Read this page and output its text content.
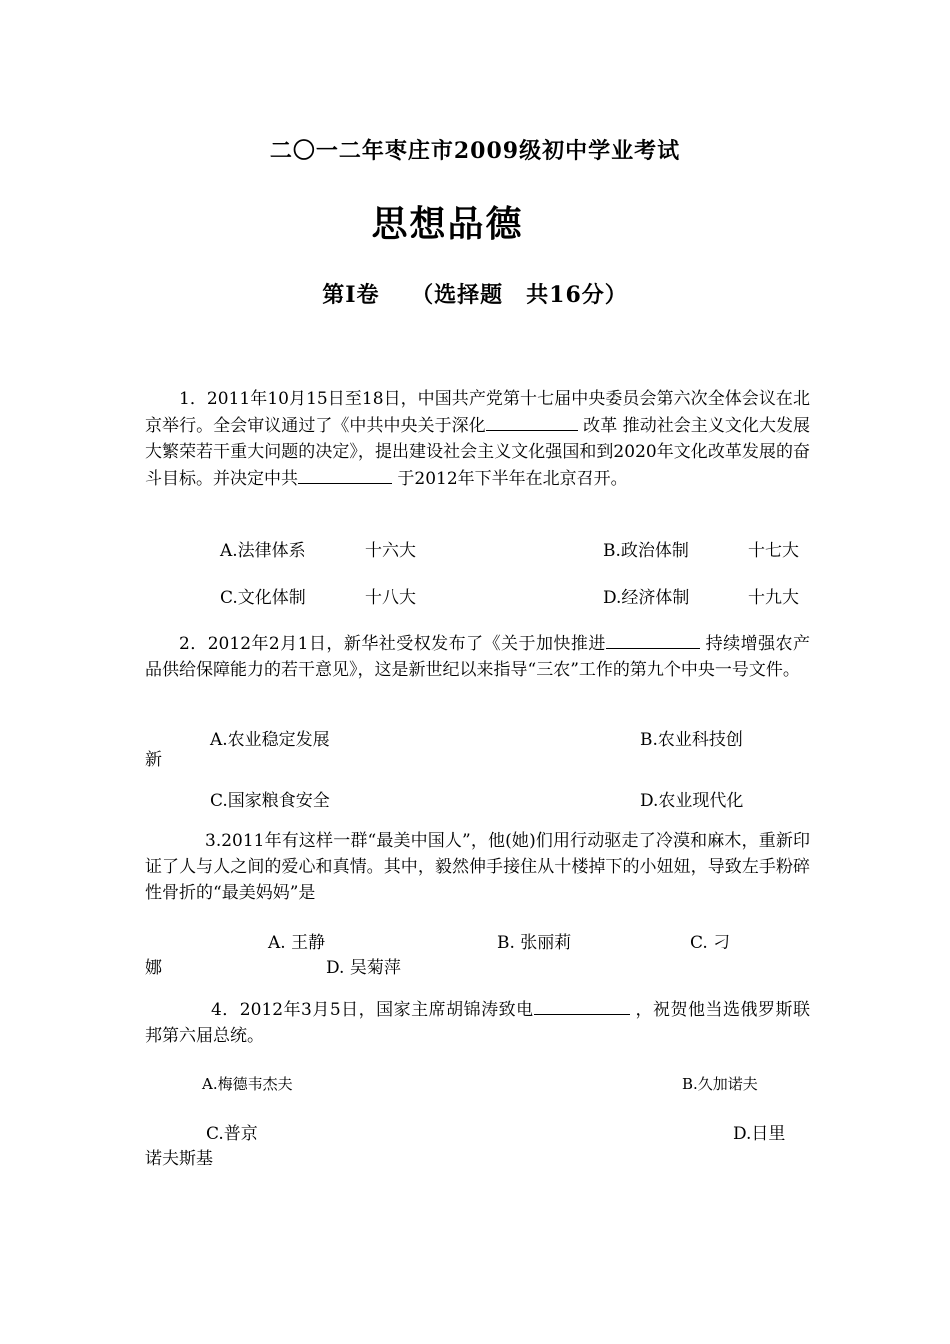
二〇一二年枣庄市2009级初中学业考试
思想品德
第Ⅰ卷　 （选择题　共16分）
1．2011年10月15日至18日，中国共产党第十七届中央委员会第六次全体会议在北京举行。全会审议通过了《中共中央关于深化	改革 推动社会主义文化大发展大繁荣若干重大问题的决定》，提出建设社会主义文化强国和到2020年文化改革发展的奋斗目标。并决定中共	于2012年下半年在北京召开。
A.法律体系	十六大	B.政治体制	十七大
C.文化体制	十八大	D.经济体制	十九大
2．2012年2月1日，新华社受权发布了《关于加快推进	持续增强农产品供给保障能力的若干意见》，这是新世纪以来指导“三农”工作的第九个中央一号文件。
A.农业稳定发展	B.农业科技创
新
C.国家粮食安全	D.农业现代化
3.2011年有这样一群“最美中国人”，他(她)们用行动驱走了冷漠和麻木，重新印证了人与人之间的爱心和真情。其中，毅然伸手接住从十楼掉下的小妞妞，导致左手粉碎性骨折的“最美妈妈”是
A. 王静	B. 张丽莉	C. 刁
娜	D. 吴菊萍
4．2012年3月5日，国家主席胡锦涛致电	，祝贺他当选俄罗斯联邦第六届总统。
A.梅德韦杰夫	B.久加诺夫
C.普京	D.日里
诺夫斯基
